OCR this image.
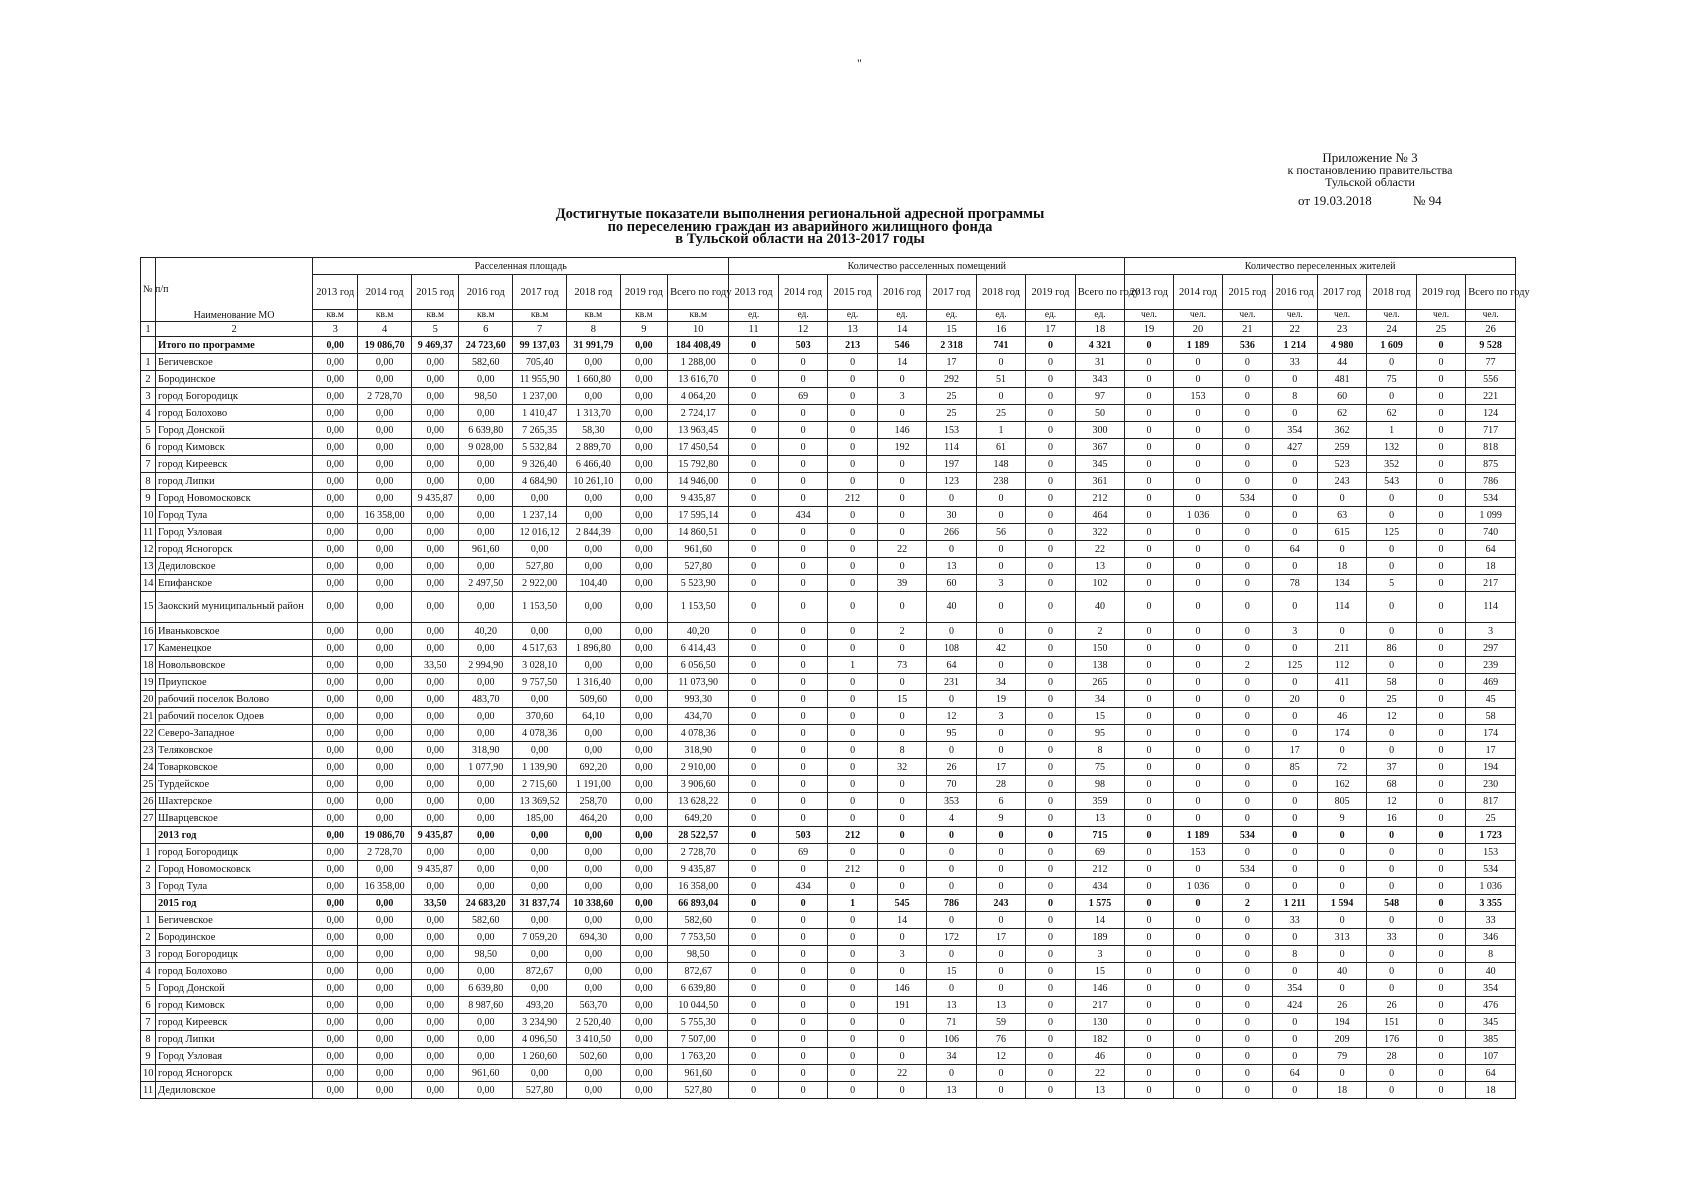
"
Приложение № 3
к постановлению правительства
Тульской области
от 19.03.2018	№ 94
Достигнутые показатели выполнения региональной адресной программы
по переселению граждан из аварийного жилищного фонда
в Тульской области на 2013-2017 годы
№ п/п	Наименование МО	Расселенная площадь								Количество расселенных помещений								Количество переселенных жителей							
		2013 год	2014 год	2015 год	2016 год	2017 год	2018 год	2019 год	Всего по году	2013 год	2014 год	2015 год	2016 год	2017 год	2018 год	2019 год	Всего по году	2013 год	2014 год	2015 год	2016 год	2017 год	2018 год	2019 год	Всего по году
		кв.м	кв.м	кв.м	кв.м	кв.м	кв.м	кв.м	кв.м	ед.	ед.	ед.	ед.	ед.	ед.	ед.	ед.	чел.	чел.	чел.	чел.	чел.	чел.	чел.	чел.
1	2	3	4	5	6	7	8	9	10	11	12	13	14	15	16	17	18	19	20	21	22	23	24	25	26
	Итого по программе	0,00	19 086,70	9 469,37	24 723,60	99 137,03	31 991,79	0,00	184 408,49	0	503	213	546	2 318	741	0	4 321	0	1 189	536	1 214	4 980	1 609	0	9 528
1	Бегичевское	0,00	0,00	0,00	582,60	705,40	0,00	0,00	1 288,00	0	0	0	14	17	0	0	31	0	0	0	33	44	0	0	77
2	Бородинское	0,00	0,00	0,00	0,00	11 955,90	1 660,80	0,00	13 616,70	0	0	0	0	292	51	0	343	0	0	0	0	481	75	0	556
3	город Богородицк	0,00	2 728,70	0,00	98,50	1 237,00	0,00	0,00	4 064,20	0	69	0	3	25	0	0	97	0	153	0	8	60	0	0	221
4	город Болохово	0,00	0,00	0,00	0,00	1 410,47	1 313,70	0,00	2 724,17	0	0	0	0	25	25	0	50	0	0	0	0	62	62	0	124
5	Город Донской	0,00	0,00	0,00	6 639,80	7 265,35	58,30	0,00	13 963,45	0	0	0	146	153	1	0	300	0	0	0	354	362	1	0	717
6	город Кимовск	0,00	0,00	0,00	9 028,00	5 532,84	2 889,70	0,00	17 450,54	0	0	0	192	114	61	0	367	0	0	0	427	259	132	0	818
7	город Киреевск	0,00	0,00	0,00	0,00	9 326,40	6 466,40	0,00	15 792,80	0	0	0	0	197	148	0	345	0	0	0	0	523	352	0	875
8	город Липки	0,00	0,00	0,00	0,00	4 684,90	10 261,10	0,00	14 946,00	0	0	0	0	123	238	0	361	0	0	0	0	243	543	0	786
9	Город Новомосковск	0,00	0,00	9 435,87	0,00	0,00	0,00	0,00	9 435,87	0	0	212	0	0	0	0	212	0	0	534	0	0	0	0	534
10	Город Тула	0,00	16 358,00	0,00	0,00	1 237,14	0,00	0,00	17 595,14	0	434	0	0	30	0	0	464	0	1 036	0	0	63	0	0	1 099
11	Город Узловая	0,00	0,00	0,00	0,00	12 016,12	2 844,39	0,00	14 860,51	0	0	0	0	266	56	0	322	0	0	0	0	615	125	0	740
12	город Ясногорск	0,00	0,00	0,00	961,60	0,00	0,00	0,00	961,60	0	0	0	22	0	0	0	22	0	0	0	64	0	0	0	64
13	Дедиловское	0,00	0,00	0,00	0,00	527,80	0,00	0,00	527,80	0	0	0	0	13	0	0	13	0	0	0	0	18	0	0	18
14	Епифанское	0,00	0,00	0,00	2 497,50	2 922,00	104,40	0,00	5 523,90	0	0	0	39	60	3	0	102	0	0	0	78	134	5	0	217
15	Заокский муниципальный район	0,00	0,00	0,00	0,00	1 153,50	0,00	0,00	1 153,50	0	0	0	0	40	0	0	40	0	0	0	0	114	0	0	114
16	Иваньковское	0,00	0,00	0,00	40,20	0,00	0,00	0,00	40,20	0	0	0	2	0	0	0	2	0	0	0	3	0	0	0	3
17	Каменецкое	0,00	0,00	0,00	0,00	4 517,63	1 896,80	0,00	6 414,43	0	0	0	0	108	42	0	150	0	0	0	0	211	86	0	297
18	Новольвовское	0,00	0,00	33,50	2 994,90	3 028,10	0,00	0,00	6 056,50	0	0	1	73	64	0	0	138	0	0	2	125	112	0	0	239
19	Приупское	0,00	0,00	0,00	0,00	9 757,50	1 316,40	0,00	11 073,90	0	0	0	0	231	34	0	265	0	0	0	0	411	58	0	469
20	рабочий поселок Волово	0,00	0,00	0,00	483,70	0,00	509,60	0,00	993,30	0	0	0	15	0	19	0	34	0	0	0	20	0	25	0	45
21	рабочий поселок Одоев	0,00	0,00	0,00	0,00	370,60	64,10	0,00	434,70	0	0	0	0	12	3	0	15	0	0	0	0	46	12	0	58
22	Северо-Западное	0,00	0,00	0,00	0,00	4 078,36	0,00	0,00	4 078,36	0	0	0	0	95	0	0	95	0	0	0	0	174	0	0	174
23	Теляковское	0,00	0,00	0,00	318,90	0,00	0,00	0,00	318,90	0	0	0	8	0	0	0	8	0	0	0	17	0	0	0	17
24	Товарковское	0,00	0,00	0,00	1 077,90	1 139,90	692,20	0,00	2 910,00	0	0	0	32	26	17	0	75	0	0	0	85	72	37	0	194
25	Турдейское	0,00	0,00	0,00	0,00	2 715,60	1 191,00	0,00	3 906,60	0	0	0	0	70	28	0	98	0	0	0	0	162	68	0	230
26	Шахтерское	0,00	0,00	0,00	0,00	13 369,52	258,70	0,00	13 628,22	0	0	0	0	353	6	0	359	0	0	0	0	805	12	0	817
27	Шварцевское	0,00	0,00	0,00	0,00	185,00	464,20	0,00	649,20	0	0	0	0	4	9	0	13	0	0	0	0	9	16	0	25
	2013 год	0,00	19 086,70	9 435,87	0,00	0,00	0,00	0,00	28 522,57	0	503	212	0	0	0	0	715	0	1 189	534	0	0	0	0	1 723
1	город Богородицк	0,00	2 728,70	0,00	0,00	0,00	0,00	0,00	2 728,70	0	69	0	0	0	0	0	69	0	153	0	0	0	0	0	153
2	Город Новомосковск	0,00	0,00	9 435,87	0,00	0,00	0,00	0,00	9 435,87	0	0	212	0	0	0	0	212	0	0	534	0	0	0	0	534
3	Город Тула	0,00	16 358,00	0,00	0,00	0,00	0,00	0,00	16 358,00	0	434	0	0	0	0	0	434	0	1 036	0	0	0	0	0	1 036
	2015 год	0,00	0,00	33,50	24 683,20	31 837,74	10 338,60	0,00	66 893,04	0	0	1	545	786	243	0	1 575	0	0	2	1 211	1 594	548	0	3 355
1	Бегичевское	0,00	0,00	0,00	582,60	0,00	0,00	0,00	582,60	0	0	0	14	0	0	0	14	0	0	0	33	0	0	0	33
2	Бородинское	0,00	0,00	0,00	0,00	7 059,20	694,30	0,00	7 753,50	0	0	0	0	172	17	0	189	0	0	0	0	313	33	0	346
3	город Богородицк	0,00	0,00	0,00	98,50	0,00	0,00	0,00	98,50	0	0	0	3	0	0	0	3	0	0	0	8	0	0	0	8
4	город Болохово	0,00	0,00	0,00	0,00	872,67	0,00	0,00	872,67	0	0	0	0	15	0	0	15	0	0	0	0	40	0	0	40
5	Город Донской	0,00	0,00	0,00	6 639,80	0,00	0,00	0,00	6 639,80	0	0	0	146	0	0	0	146	0	0	0	354	0	0	0	354
6	город Кимовск	0,00	0,00	0,00	8 987,60	493,20	563,70	0,00	10 044,50	0	0	0	191	13	13	0	217	0	0	0	424	26	26	0	476
7	город Киреевск	0,00	0,00	0,00	0,00	3 234,90	2 520,40	0,00	5 755,30	0	0	0	0	71	59	0	130	0	0	0	0	194	151	0	345
8	город Липки	0,00	0,00	0,00	0,00	4 096,50	3 410,50	0,00	7 507,00	0	0	0	0	106	76	0	182	0	0	0	0	209	176	0	385
9	Город Узловая	0,00	0,00	0,00	0,00	1 260,60	502,60	0,00	1 763,20	0	0	0	0	34	12	0	46	0	0	0	0	79	28	0	107
10	город Ясногорск	0,00	0,00	0,00	961,60	0,00	0,00	0,00	961,60	0	0	0	22	0	0	0	22	0	0	0	64	0	0	0	64
11	Дедиловское	0,00	0,00	0,00	0,00	527,80	0,00	0,00	527,80	0	0	0	0	13	0	0	13	0	0	0	0	18	0	0	18
